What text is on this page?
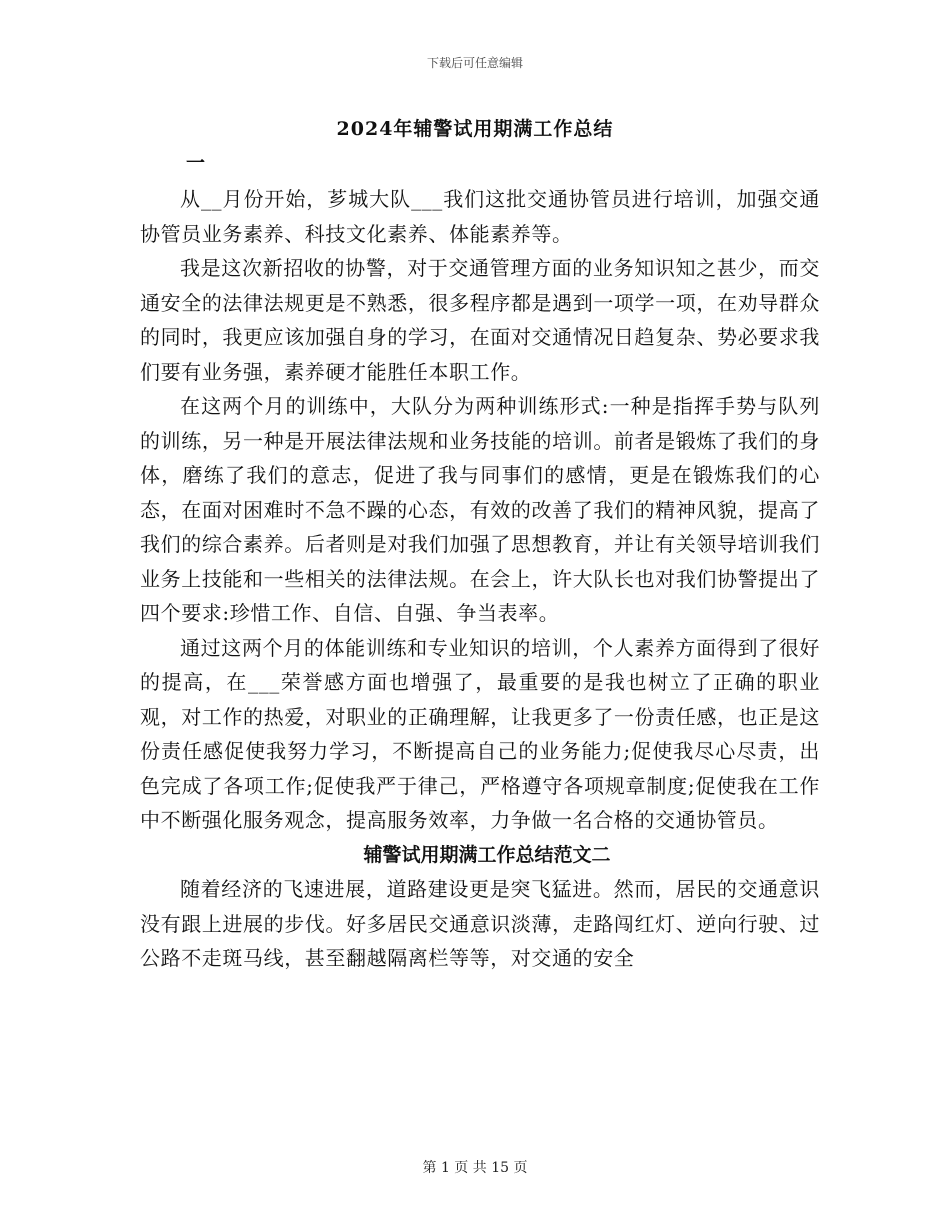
下载后可任意编辑
2024年辅警试用期满工作总结
一

从__月份开始，芗城大队___我们这批交通协管员进行培训，加强交通协管员业务素养、科技文化素养、体能素养等。

我是这次新招收的协警，对于交通管理方面的业务知识知之甚少，而交通安全的法律法规更是不熟悉，很多程序都是遇到一项学一项，在劝导群众的同时，我更应该加强自身的学习，在面对交通情况日趋复杂、势必要求我们要有业务强，素养硬才能胜任本职工作。

在这两个月的训练中，大队分为两种训练形式:一种是指挥手势与队列的训练，另一种是开展法律法规和业务技能的培训。前者是锻炼了我们的身体，磨练了我们的意志，促进了我与同事们的感情，更是在锻炼我们的心态，在面对困难时不急不躁的心态，有效的改善了我们的精神风貌，提高了我们的综合素养。后者则是对我们加强了思想教育，并让有关领导培训我们业务上技能和一些相关的法律法规。在会上，许大队长也对我们协警提出了四个要求:珍惜工作、自信、自强、争当表率。

通过这两个月的体能训练和专业知识的培训，个人素养方面得到了很好的提高，在___荣誉感方面也增强了，最重要的是我也树立了正确的职业观，对工作的热爱，对职业的正确理解，让我更多了一份责任感，也正是这份责任感促使我努力学习，不断提高自己的业务能力;促使我尽心尽责，出色完成了各项工作;促使我严于律己，严格遵守各项规章制度;促使我在工作中不断强化服务观念，提高服务效率，力争做一名合格的交通协管员。

辅警试用期满工作总结范文二

随着经济的飞速进展，道路建设更是突飞猛进。然而，居民的交通意识没有跟上进展的步伐。好多居民交通意识淡薄，走路闯红灯、逆向行驶、过公路不走斑马线，甚至翻越隔离栏等等，对交通的安全

第 1 页 共 15 页
